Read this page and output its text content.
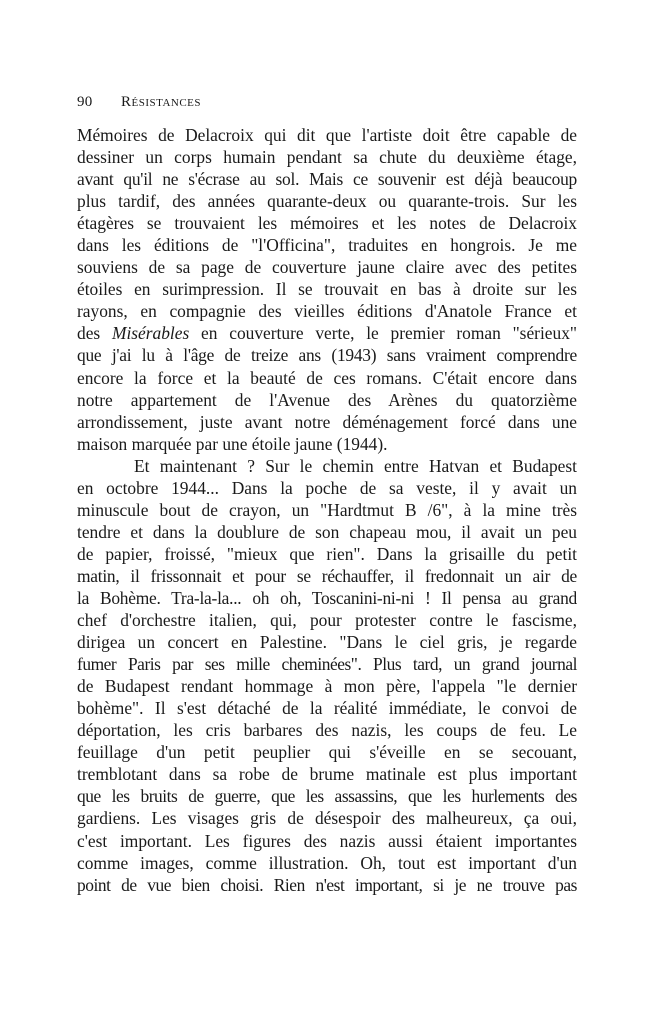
90 Résistances
Mémoires de Delacroix qui dit que l'artiste doit être capable de
dessiner un corps humain pendant sa chute du deuxième étage,
avant qu'il ne s'écrase au sol. Mais ce souvenir est déjà beaucoup
plus tardif, des années quarante-deux ou quarante-trois. Sur les
étagères se trouvaient les mémoires et les notes de Delacroix
dans les éditions de "l'Officina", traduites en hongrois. Je me
souviens de sa page de couverture jaune claire avec des petites
étoiles en surimpression. Il se trouvait en bas à droite sur les
rayons, en compagnie des vieilles éditions d'Anatole France et
des Misérables en couverture verte, le premier roman "sérieux"
que j'ai lu à l'âge de treize ans (1943) sans vraiment comprendre
encore la force et la beauté de ces romans. C'était encore dans
notre appartement de l'Avenue des Arènes du quatorzième
arrondissement, juste avant notre déménagement forcé dans une
maison marquée par une étoile jaune (1944).
Et maintenant ? Sur le chemin entre Hatvan et Budapest
en octobre 1944... Dans la poche de sa veste, il y avait un
minuscule bout de crayon, un "Hardtmut B /6", à la mine très
tendre et dans la doublure de son chapeau mou, il avait un peu
de papier, froissé, "mieux que rien". Dans la grisaille du petit
matin, il frissonnait et pour se réchauffer, il fredonnait un air de
la Bohème. Tra-la-la... oh oh, Toscanini-ni-ni ! Il pensa au grand
chef d'orchestre italien, qui, pour protester contre le fascisme,
dirigea un concert en Palestine. "Dans le ciel gris, je regarde
fumer Paris par ses mille cheminées". Plus tard, un grand journal
de Budapest rendant hommage à mon père, l'appela "le dernier
bohème". Il s'est détaché de la réalité immédiate, le convoi de
déportation, les cris barbares des nazis, les coups de feu. Le
feuillage d'un petit peuplier qui s'éveille en se secouant,
tremblotant dans sa robe de brume matinale est plus important
que les bruits de guerre, que les assassins, que les hurlements des
gardiens. Les visages gris de désespoir des malheureux, ça oui,
c'est important. Les figures des nazis aussi étaient importantes
comme images, comme illustration. Oh, tout est important d'un
point de vue bien choisi. Rien n'est important, si je ne trouve pas
